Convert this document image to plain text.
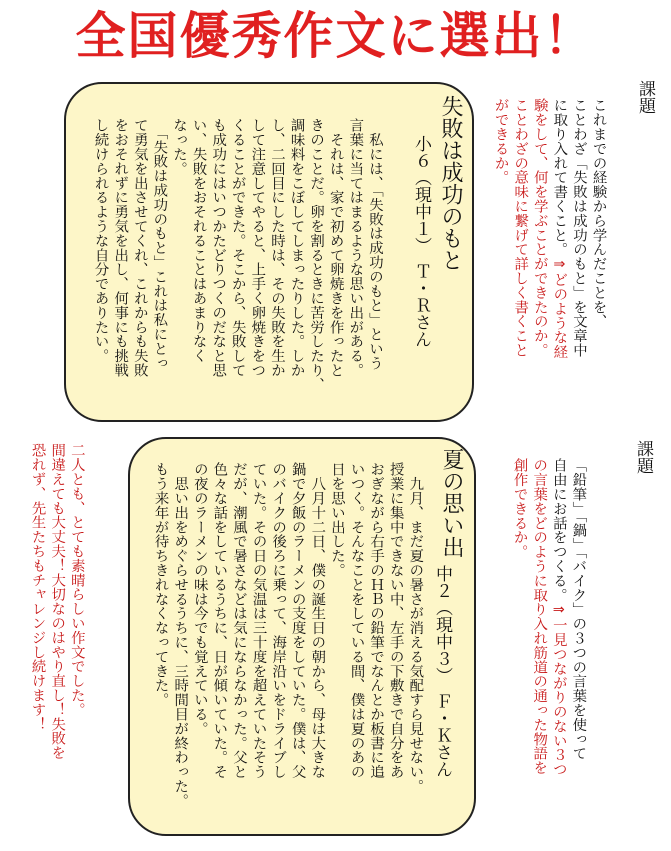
全国優秀作文に選出！
失敗は成功のもと
小６（現中１）　Ｔ・Ｒさん
　私には、「失敗は成功のもと」という
言葉に当てはまるような思い出がある。
　それは、家で初めて卵焼きを作ったと
きのことだ。卵を割るときに苦労したり、
調味料をこぼしてしまったりした。しか
し、二回目にした時は、その失敗を生か
して注意してやると、上手く卵焼きをつ
くることができた。そこから、失敗して
も成功にはいつかたどりつくのだなと思
い、失敗をおそれることはあまりなく
なった。
　「失敗は成功のもと」これは私にとっ
て勇気を出させてくれ、これからも失敗
をおそれずに勇気を出し、何事にも挑戦
し続けられるような自分でありたい。
課題
これまでの経験から学んだことを、
ことわざ「失敗は成功のもと」を文章中
に取り入れて書くこと。⇒どのような経
験をして、何を学ぶことができたのか。
ことわざの意味に繋げて詳しく書くこと
ができるか。
夏の思い出
中２（現中３）　Ｆ・Ｋさん
　九月、まだ夏の暑さが消える気配すら見せない。
授業に集中できない中、左手の下敷きで自分をあ
おぎながら右手のＨＢの鉛筆でなんとか板書に追
いつく。そんなことをしている間、僕は夏のあの
日を思い出した。
　八月十二日、僕の誕生日の朝から、母は大きな
鍋で夕飯のラーメンの支度をしていた。僕は、父
のバイクの後ろに乗って、海岸沿いをドライブし
ていた。その日の気温は三十度を超えていたそう
だが、潮風で暑さなどは気にならなかった。父と
色々な話をしているうちに、日が傾いていた。そ
の夜のラーメンの味は今でも覚えている。
　思い出をめぐらせるうちに、三時間目が終わった。
もう来年が待ちきれなくなってきた。
課題
「鉛筆」「鍋」「バイク」の３つの言葉を使って
自由にお話をつくる。⇒一見つながりのない３つ
の言葉をどのように取り入れ筋道の通った物語を
創作できるか。
二人とも、とても素晴らしい作文でした。
間違えても大丈夫！大切なのはやり直し！失敗を
恐れず、先生たちもチャレンジし続けます！
